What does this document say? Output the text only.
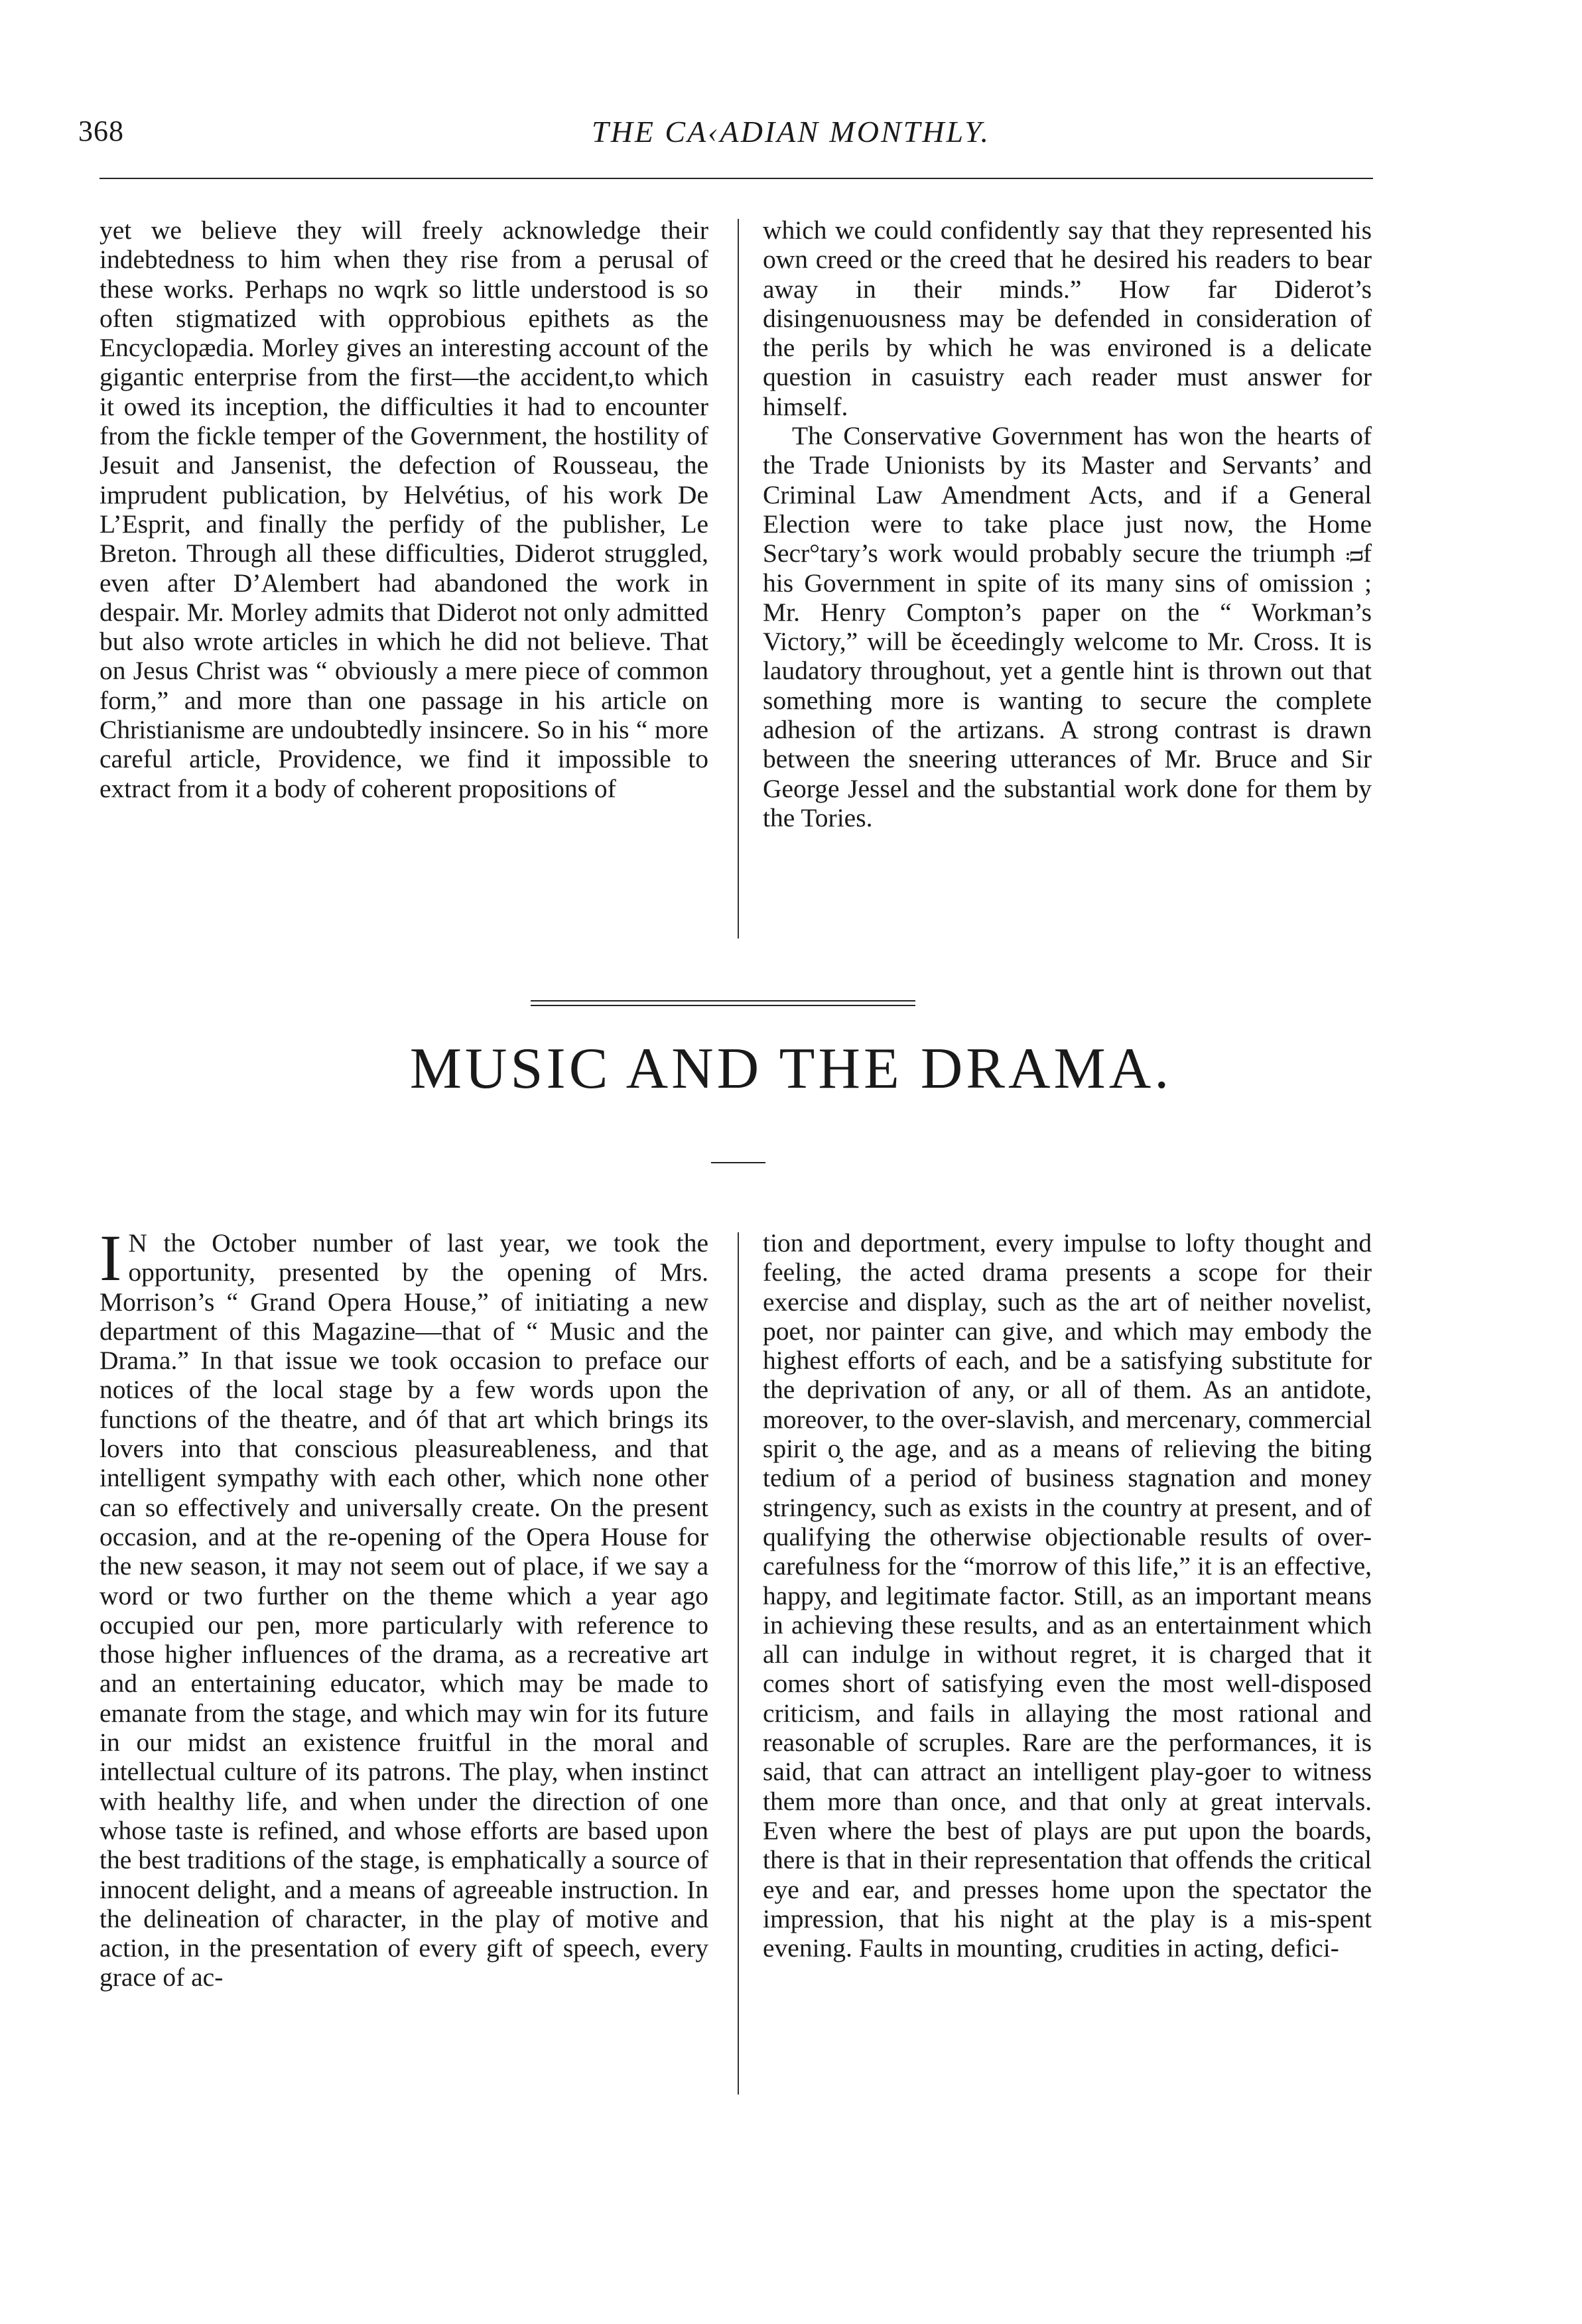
368	THE CA‹ADIAN MONTHLY.

yet we believe they will freely acknowledge their indebtedness to him when they rise from a perusal of these works. Perhaps no wqrk so little understood is so often stigmatized with opprobious epithets as the Encyclopædia. Morley gives an interesting account of the gigantic enterprise from the first—the accident,to which it owed its inception, the difficulties it had to encounter from the fickle temper of the Government, the hostility of Jesuit and Jansenist, the defection of Rousseau, the imprudent publication, by Helvétius, of his work De L’Esprit, and finally the perfidy of the publisher, Le Breton. Through all these difficulties, Diderot struggled, even after D’Alembert had abandoned the work in despair. Mr. Morley admits that Diderot not only admitted but also wrote articles in which he did not believe. That on Jesus Christ was “ obviously a mere piece of common form,” and more than one passage in his article on Christianisme are undoubtedly insincere. So in his “ more careful article, Providence, we find it impossible to extract from it a body of coherent propositions of

which we could confidently say that they represented his own creed or the creed that he desired his readers to bear away in their minds.” How far Diderot’s disingenuousness may be defended in consideration of the perils by which he was environed is a delicate question in casuistry each reader must answer for himself.

The Conservative Government has won the hearts of the Trade Unionists by its Master and Servants’ and Criminal Law Amendment Acts, and if a General Election were to take place just now, the Home Secr°tary’s work would probably secure the triumph ᴞf his Government in spite of its many sins of omission ; Mr. Henry Compton’s paper on the “ Workman’s Victory,” will be ĕceedingly welcome to Mr. Cross. It is laudatory throughout, yet a gentle hint is thrown out that something more is wanting to secure the complete adhesion of the artizans. A strong contrast is drawn between the sneering utterances of Mr. Bruce and Sir George Jessel and the substantial work done for them by the Tories.

MUSIC AND THE DRAMA.

I N the October number of last year, we took the opportunity, presented by the opening of Mrs. Morrison’s “ Grand Opera House,” of initiating a new department of this Magazine—that of “ Music and the Drama.” In that issue we took occasion to preface our notices of the local stage by a few words upon the functions of the theatre, and óf that art which brings its lovers into that conscious pleasureableness, and that intelligent sympathy with each other, which none other can so effectively and universally create. On the present occasion, and at the re-opening of the Opera House for the new season, it may not seem out of place, if we say a word or two further on the theme which a year ago occupied our pen, more particularly with reference to those higher influences of the drama, as a recreative art and an entertaining educator, which may be made to emanate from the stage, and which may win for its future in our midst an existence fruitful in the moral and intellectual culture of its patrons. The play, when instinct with healthy life, and when under the direction of one whose taste is refined, and whose efforts are based upon the best traditions of the stage, is emphatically a source of innocent delight, and a means of agreeable instruction. In the delineation of character, in the play of motive and action, in the presentation of every gift of speech, every grace of ac-

tion and deportment, every impulse to lofty thought and feeling, the acted drama presents a scope for their exercise and display, such as the art of neither novelist, poet, nor painter can give, and which may embody the highest efforts of each, and be a satisfying substitute for the deprivation of any, or all of them. As an antidote, moreover, to the over-slavish, and mercenary, commercial spirit o̧ the age, and as a means of relieving the biting tedium of a period of business stagnation and money stringency, such as exists in the country at present, and of qualifying the otherwise objectionable results of over-carefulness for the “morrow of this life,” it is an effective, happy, and legitimate factor. Still, as an important means in achieving these results, and as an entertainment which all can indulge in without regret, it is charged that it comes short of satisfying even the most well-disposed criticism, and fails in allaying the most rational and reasonable of scruples. Rare are the performances, it is said, that can attract an intelligent play-goer to witness them more than once, and that only at great intervals. Even where the best of plays are put upon the boards, there is that in their representation that offends the critical eye and ear, and presses home upon the spectator the impression, that his night at the play is a mis-spent evening. Faults in mounting, crudities in acting, defici-
